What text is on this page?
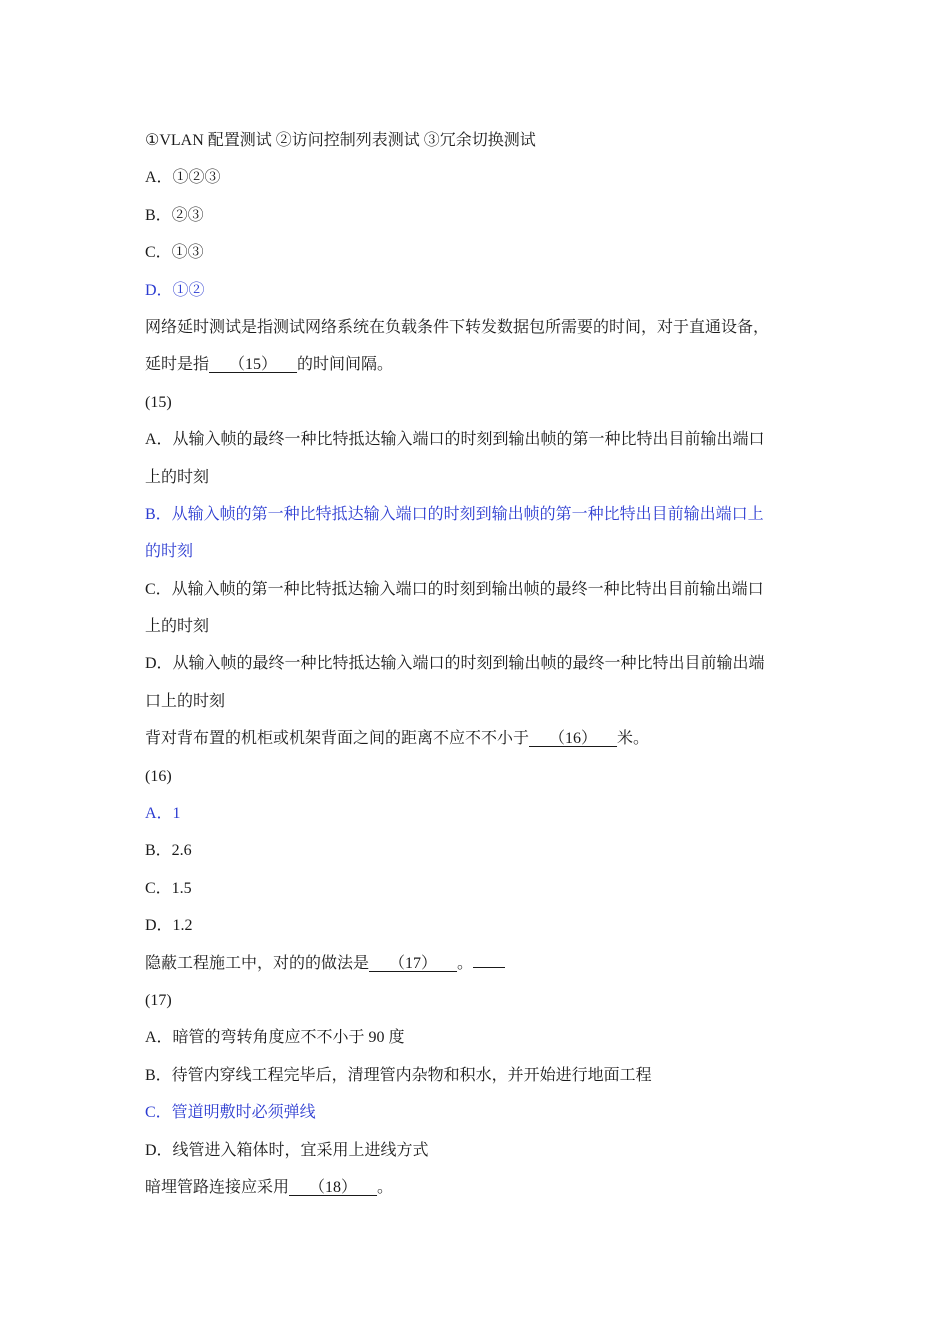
①VLAN 配置测试 ②访问控制列表测试 ③冗余切换测试
A．①②③
B．②③
C．①③
D．①②
网络延时测试是指测试网络系统在负载条件下转发数据包所需要的时间，对于直通设备，
延时是指     （15）     的时间间隔。
(15)
A．从输入帧的最终一种比特抵达输入端口的时刻到输出帧的第一种比特出目前输出端口
上的时刻
B．从输入帧的第一种比特抵达输入端口的时刻到输出帧的第一种比特出目前输出端口上
的时刻
C．从输入帧的第一种比特抵达输入端口的时刻到输出帧的最终一种比特出目前输出端口
上的时刻
D．从输入帧的最终一种比特抵达输入端口的时刻到输出帧的最终一种比特出目前输出端
口上的时刻
背对背布置的机柜或机架背面之间的距离不应不不小于     （16）     米。
(16)
A．1
B．2.6
C．1.5
D．1.2
隐蔽工程施工中，对的的做法是     （17）     。
(17)
A．暗管的弯转角度应不不小于 90 度
B．待管内穿线工程完毕后，清理管内杂物和积水，并开始进行地面工程
C．管道明敷时必须弹线
D．线管进入箱体时，宜采用上进线方式
暗埋管路连接应采用     （18）     。
